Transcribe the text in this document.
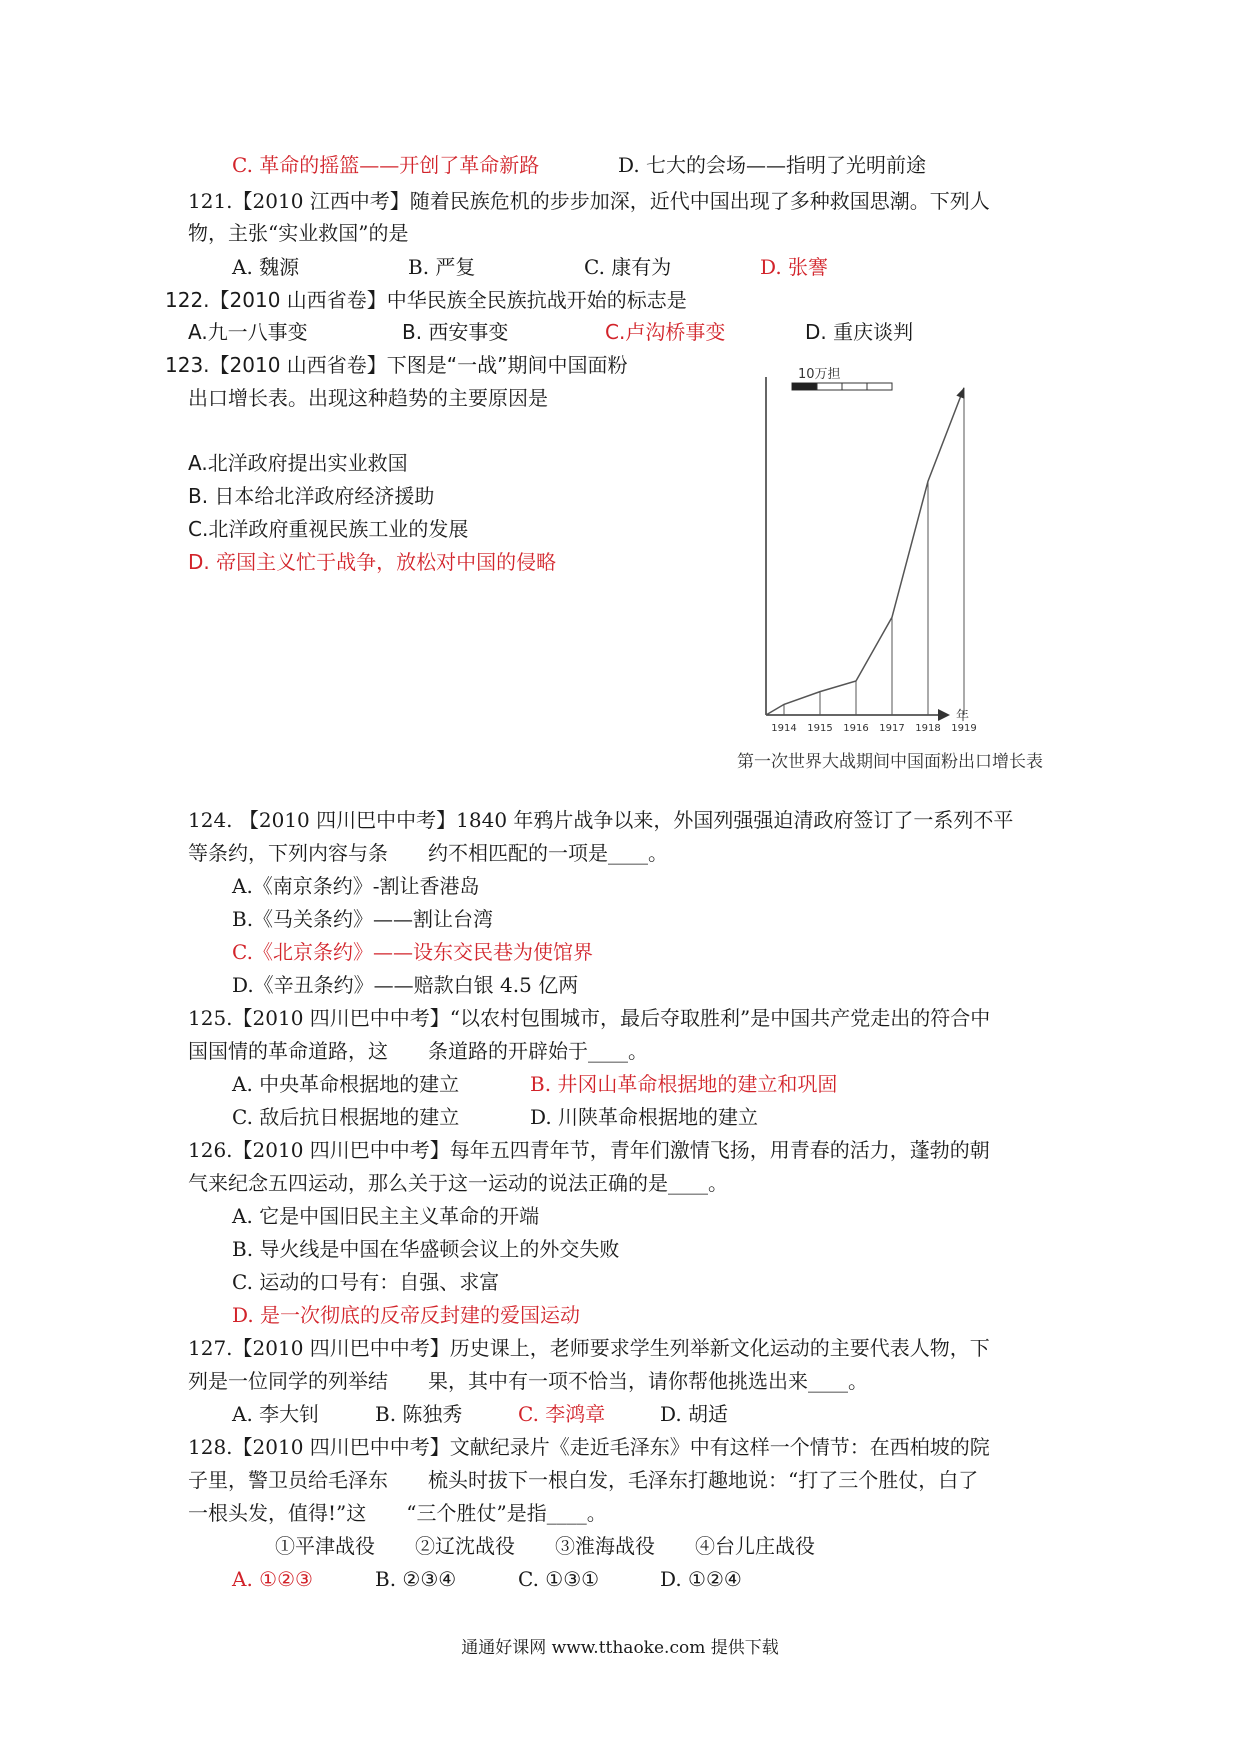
C. 革命的摇篮——开创了革命新路	D. 七大的会场——指明了光明前途
121.【2010 江西中考】随着民族危机的步步加深，近代中国出现了多种救国思潮。下列人
物，主张“实业救国”的是
A. 魏源	B. 严复	C. 康有为	D. 张謇
122.【2010 山西省卷】中华民族全民族抗战开始的标志是
A.九一八事变	B. 西安事变	C.卢沟桥事变	D. 重庆谈判
123.【2010 山西省卷】下图是“一战”期间中国面粉
出口增长表。出现这种趋势的主要原因是
A.北洋政府提出实业救国
B. 日本给北洋政府经济援助
C.北洋政府重视民族工业的发展
D. 帝国主义忙于战争，放松对中国的侵略
10万担
年
第一次世界大战期间中国面粉出口增长表
1914 1915 1916 1917 1918 1919
124. 【2010 四川巴中中考】1840 年鸦片战争以来，外国列强强迫清政府签订了一系列不平
等条约，下列内容与条　　约不相匹配的一项是____。
A.《南京条约》-割让香港岛
B.《马关条约》——割让台湾
C.《北京条约》——设东交民巷为使馆界
D.《辛丑条约》——赔款白银 4.5 亿两
125.【2010 四川巴中中考】“以农村包围城市，最后夺取胜利”是中国共产党走出的符合中
国国情的革命道路，这　　条道路的开辟始于____。
A. 中央革命根据地的建立	B. 井冈山革命根据地的建立和巩固
C. 敌后抗日根据地的建立	D. 川陕革命根据地的建立
126.【2010 四川巴中中考】每年五四青年节，青年们激情飞扬，用青春的活力，蓬勃的朝
气来纪念五四运动，那么关于这一运动的说法正确的是____。
A. 它是中国旧民主主义革命的开端
B. 导火线是中国在华盛顿会议上的外交失败
C. 运动的口号有：自强、求富
D. 是一次彻底的反帝反封建的爱国运动
127.【2010 四川巴中中考】历史课上，老师要求学生列举新文化运动的主要代表人物，下
列是一位同学的列举结　　果，其中有一项不恰当，请你帮他挑选出来____。
A. 李大钊	B. 陈独秀	C. 李鸿章	D. 胡适
128.【2010 四川巴中中考】文献纪录片《走近毛泽东》中有这样一个情节：在西柏坡的院
子里，警卫员给毛泽东　　梳头时拔下一根白发，毛泽东打趣地说：“打了三个胜仗，白了
一根头发，值得!”这　　“三个胜仗”是指____。
①平津战役　　②辽沈战役　　③淮海战役　　④台儿庄战役
A. ①②③	B. ②③④	C. ①③①	D. ①②④
通通好课网 www.tthaoke.com 提供下载
